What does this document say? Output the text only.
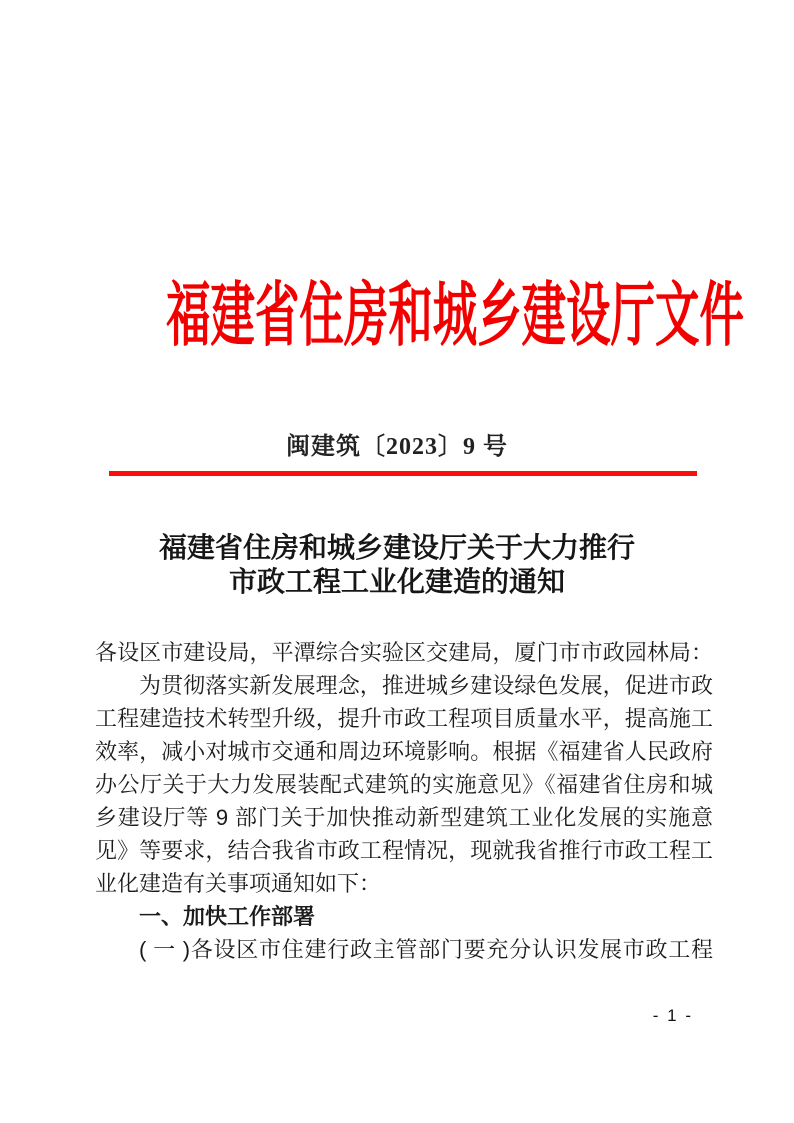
福建省住房和城乡建设厅文件
闽建筑〔2023〕9 号
福建省住房和城乡建设厅关于大力推行
市政工程工业化建造的通知
各设区市建设局，平潭综合实验区交建局，厦门市市政园林局：
为贯彻落实新发展理念，推进城乡建设绿色发展，促进市政
工程建造技术转型升级，提升市政工程项目质量水平，提高施工
效率，减小对城市交通和周边环境影响。根据《福建省人民政府
办公厅关于大力发展装配式建筑的实施意见》《福建省住房和城
乡建设厅等 9 部门关于加快推动新型建筑工业化发展的实施意
见》等要求，结合我省市政工程情况，现就我省推行市政工程工
业化建造有关事项通知如下：
一、加快工作部署
( 一 )各设区市住建行政主管部门要充分认识发展市政工程
- 1 -
